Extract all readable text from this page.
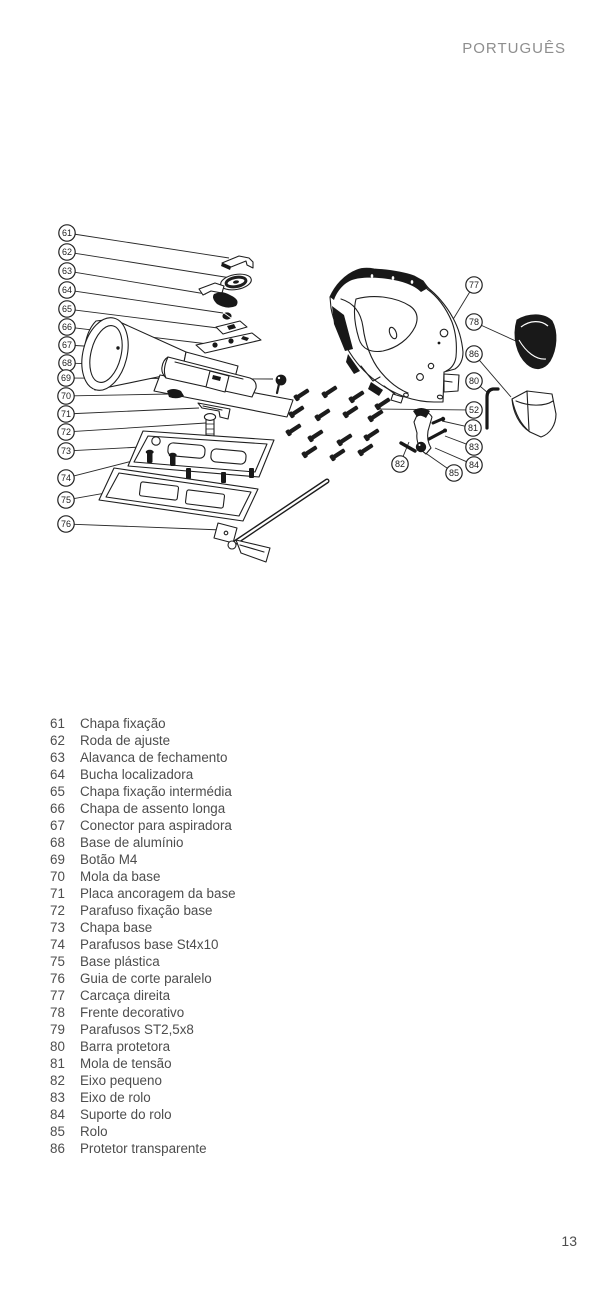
PORTUGUÊS
61
62
63
64
65
66
67
68
69
70
71
72
73
74
75
76
77
78
86
80
52
81
83
84
85
82
61	Chapa fixação
62	Roda de ajuste
63	Alavanca de fechamento
64	Bucha localizadora
65	Chapa fixação intermédia
66	Chapa de assento longa
67	Conector para aspiradora
68	Base de alumínio
69	Botão M4
70	Mola da base
71	Placa ancoragem da base
72	Parafuso fixação base
73	Chapa base
74	Parafusos base St4x10
75	Base plástica
76	Guia de corte paralelo
77	Carcaça direita
78	Frente decorativo
79	Parafusos ST2,5x8
80	Barra protetora
81	Mola de tensão
82	Eixo pequeno
83	Eixo de rolo
84	Suporte do rolo
85	Rolo
86	Protetor transparente
13
